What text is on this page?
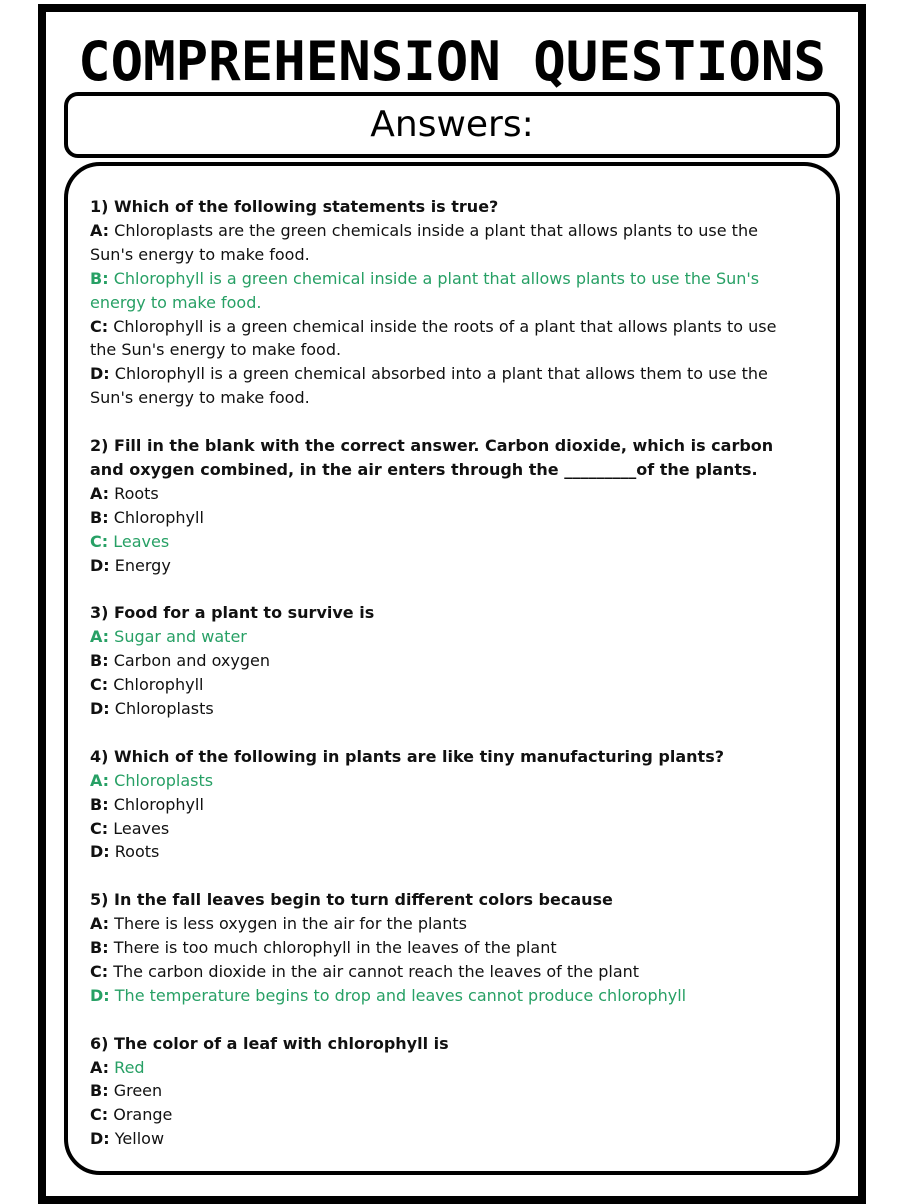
COMPREHENSION QUESTIONS
Answers:
1) Which of the following statements is true?
A: Chloroplasts are the green chemicals inside a plant that allows plants to use the Sun's energy to make food.
B: Chlorophyll is a green chemical inside a plant that allows plants to use the Sun's energy to make food.
C: Chlorophyll is a green chemical inside the roots of a plant that allows plants to use the Sun's energy to make food.
D: Chlorophyll is a green chemical absorbed into a plant that allows them to use the Sun's energy to make food.
2) Fill in the blank with the correct answer. Carbon dioxide, which is carbon and oxygen combined, in the air enters through the _________of the plants.
A: Roots
B: Chlorophyll
C: Leaves
D: Energy
3) Food for a plant to survive is
A: Sugar and water
B: Carbon and oxygen
C: Chlorophyll
D: Chloroplasts
4) Which of the following in plants are like tiny manufacturing plants?
A: Chloroplasts
B: Chlorophyll
C: Leaves
D: Roots
5) In the fall leaves begin to turn different colors because
A: There is less oxygen in the air for the plants
B: There is too much chlorophyll in the leaves of the plant
C: The carbon dioxide in the air cannot reach the leaves of the plant
D: The temperature begins to drop and leaves cannot produce chlorophyll
6) The color of a leaf with chlorophyll is
A: Red
B: Green
C: Orange
D: Yellow
